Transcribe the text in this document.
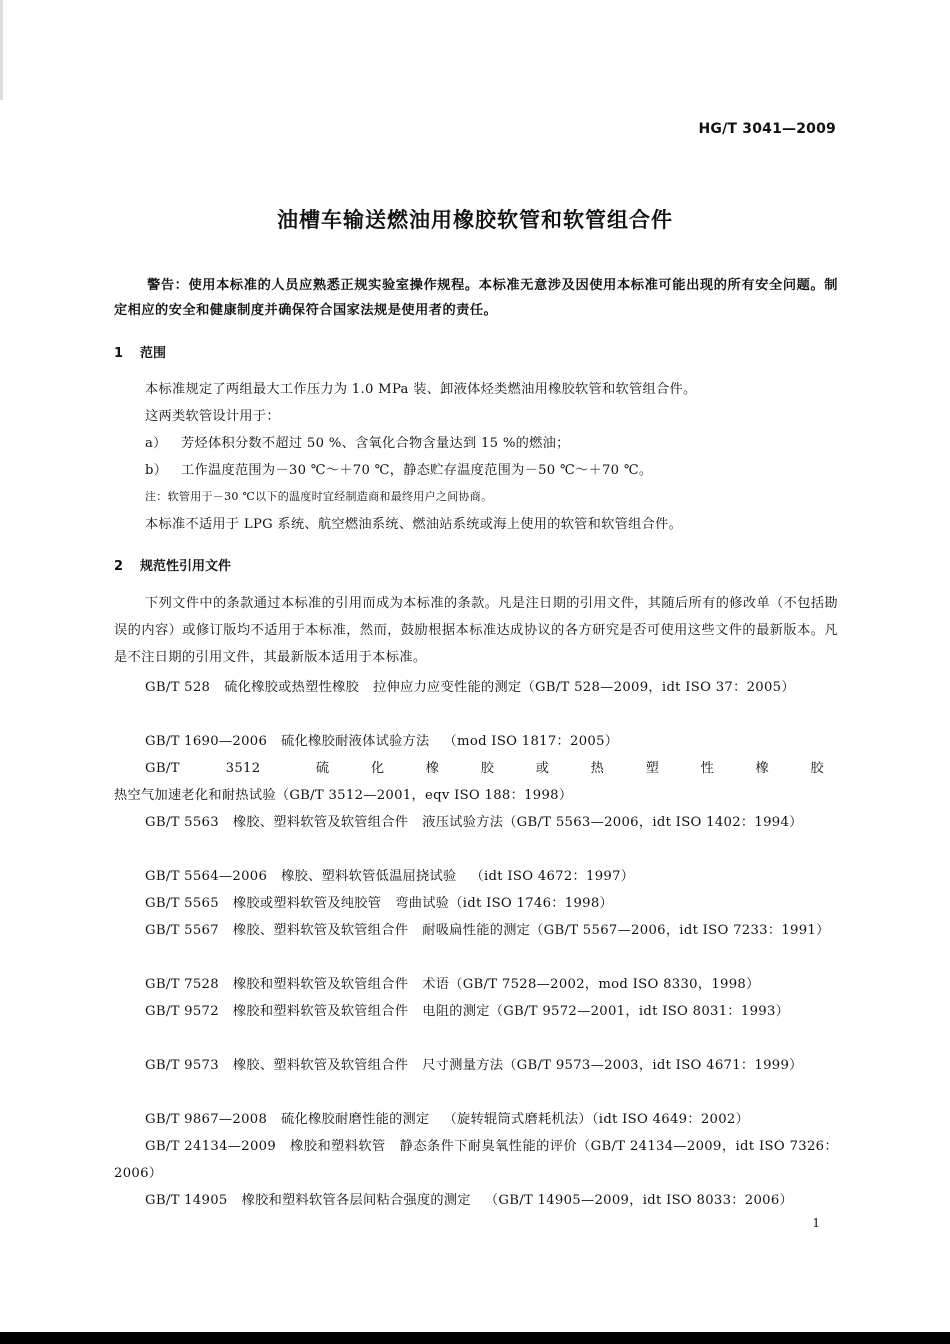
HG/T 3041—2009
油槽车输送燃油用橡胶软管和软管组合件
警告：使用本标准的人员应熟悉正规实验室操作规程。本标准无意涉及因使用本标准可能出现的所有安全问题。制定相应的安全和健康制度并确保符合国家法规是使用者的责任。
1 范围
本标准规定了两组最大工作压力为 1.0 MPa 装、卸液体烃类燃油用橡胶软管和软管组合件。
这两类软管设计用于：
a） 芳烃体积分数不超过 50 %、含氧化合物含量达到 15 %的燃油；
b） 工作温度范围为－30 ℃～＋70 ℃，静态贮存温度范围为－50 ℃～＋70 ℃。
注：软管用于－30 ℃以下的温度时宜经制造商和最终用户之间协商。
本标准不适用于 LPG 系统、航空燃油系统、燃油站系统或海上使用的软管和软管组合件。
2 规范性引用文件
下列文件中的条款通过本标准的引用而成为本标准的条款。凡是注日期的引用文件，其随后所有的修改单（不包括勘误的内容）或修订版均不适用于本标准，然而，鼓励根据本标准达成协议的各方研究是否可使用这些文件的最新版本。凡是不注日期的引用文件，其最新版本适用于本标准。
GB/T 528 硫化橡胶或热塑性橡胶 拉伸应力应变性能的测定（GB/T 528—2009，idt ISO 37：2005）
GB/T 1690—2006 硫化橡胶耐液体试验方法 （mod ISO 1817：2005）
GB/T 3512 硫化橡胶或热塑性橡胶热空气加速老化和耐热试验（GB/T 3512—2001，eqv ISO 188：1998）
GB/T 5563 橡胶、塑料软管及软管组合件 液压试验方法（GB/T 5563—2006，idt ISO 1402：1994）
GB/T 5564—2006 橡胶、塑料软管低温屈挠试验 （idt ISO 4672：1997）
GB/T 5565 橡胶或塑料软管及纯胶管 弯曲试验（idt ISO 1746：1998）
GB/T 5567 橡胶、塑料软管及软管组合件 耐吸扁性能的测定（GB/T 5567—2006，idt ISO 7233：1991）
GB/T 7528 橡胶和塑料软管及软管组合件 术语（GB/T 7528—2002，mod ISO 8330，1998）
GB/T 9572 橡胶和塑料软管及软管组合件 电阻的测定（GB/T 9572—2001，idt ISO 8031：1993）
GB/T 9573 橡胶、塑料软管及软管组合件 尺寸测量方法（GB/T 9573—2003，idt ISO 4671：1999）
GB/T 9867—2008 硫化橡胶耐磨性能的测定 （旋转辊筒式磨耗机法）（idt ISO 4649：2002）
GB/T 24134—2009 橡胶和塑料软管 静态条件下耐臭氧性能的评价（GB/T 24134—2009，idt ISO 7326：2006）
GB/T 14905 橡胶和塑料软管各层间粘合强度的测定 （GB/T 14905—2009，idt ISO 8033：2006）
1
